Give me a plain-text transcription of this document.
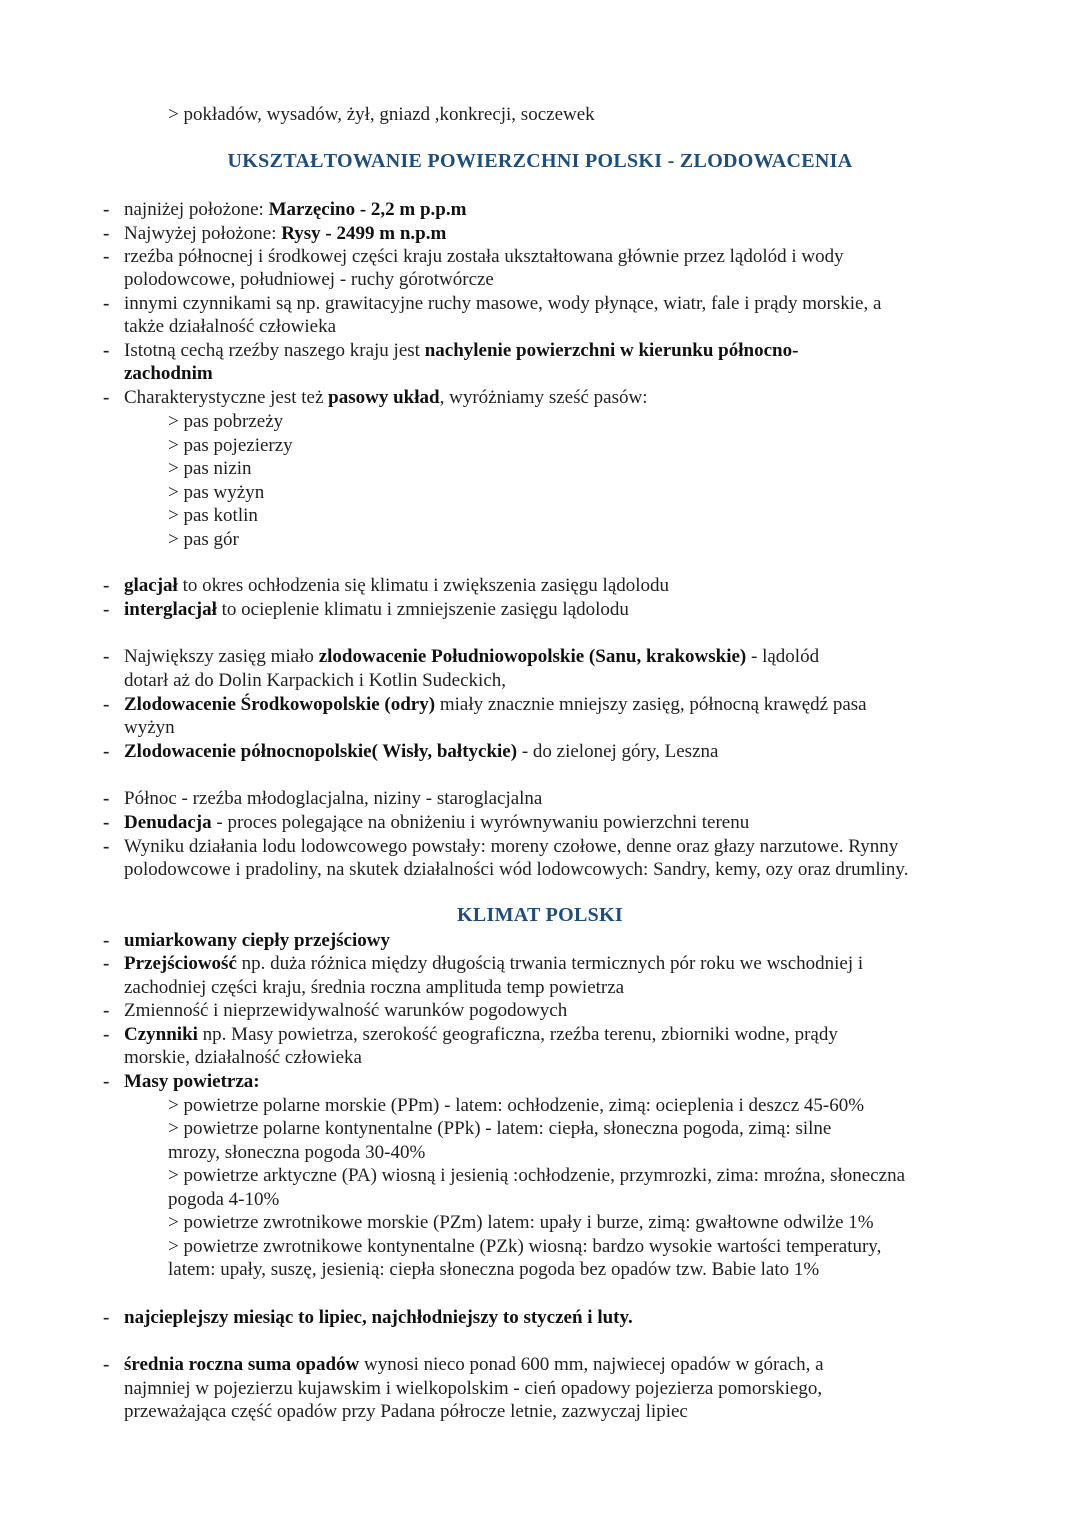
> pokładów, wysadów, żył, gniazd ,konkrecji, soczewek
UKSZTAŁTOWANIE POWIERZCHNI POLSKI - ZLODOWACENIA
- najniżej położone: Marzęcino - 2,2 m p.p.m
- Najwyżej położone: Rysy - 2499 m n.p.m
- rzeźba północnej i środkowej części kraju została ukształtowana głównie przez lądolód i wody
polodowcowe, południowej - ruchy górotwórcze
- innymi czynnikami są np. grawitacyjne ruchy masowe, wody płynące, wiatr, fale i prądy morskie, a
także działalność człowieka
- Istotną cechą rzeźby naszego kraju jest nachylenie powierzchni w kierunku północno-
zachodnim
- Charakterystyczne jest też pasowy układ, wyróżniamy sześć pasów:
> pas pobrzeży
> pas pojezierzy
> pas nizin
> pas wyżyn
> pas kotlin
> pas gór
- glacjał to okres ochłodzenia się klimatu i zwiększenia zasięgu lądolodu
- interglacjał to ocieplenie klimatu i zmniejszenie zasięgu lądolodu
- Największy zasięg miało zlodowacenie Południowopolskie (Sanu, krakowskie) - lądolód
dotarł aż do Dolin Karpackich i Kotlin Sudeckich,
- Zlodowacenie Środkowopolskie (odry) miały znacznie mniejszy zasięg, północną krawędź pasa
wyżyn
- Zlodowacenie północnopolskie( Wisły, bałtyckie) - do zielonej góry, Leszna
- Północ - rzeźba młodoglacjalna, niziny - staroglacjalna
- Denudacja - proces polegające na obniżeniu i wyrównywaniu powierzchni terenu
- Wyniku działania lodu lodowcowego powstały: moreny czołowe, denne oraz głazy narzutowe. Rynny
polodowcowe i pradoliny, na skutek działalności wód lodowcowych: Sandry, kemy, ozy oraz drumliny.
KLIMAT POLSKI
- umiarkowany ciepły przejściowy
- Przejściowość np. duża różnica między długością trwania termicznych pór roku we wschodniej i
zachodniej części kraju, średnia roczna amplituda temp powietrza
- Zmienność i nieprzewidywalność warunków pogodowych
- Czynniki np. Masy powietrza, szerokość geograficzna, rzeźba terenu, zbiorniki wodne, prądy
morskie, działalność człowieka
- Masy powietrza:
> powietrze polarne morskie (PPm) - latem: ochłodzenie, zimą: ocieplenia i deszcz 45-60%
> powietrze polarne kontynentalne (PPk) - latem: ciepła, słoneczna pogoda, zimą: silne
mrozy, słoneczna pogoda 30-40%
> powietrze arktyczne (PA) wiosną i jesienią :ochłodzenie, przymrozki, zima: mroźna, słoneczna
pogoda 4-10%
> powietrze zwrotnikowe morskie (PZm) latem: upały i burze, zimą: gwałtowne odwilże 1%
> powietrze zwrotnikowe kontynentalne (PZk) wiosną: bardzo wysokie wartości temperatury,
latem: upały, suszę, jesienią: ciepła słoneczna pogoda bez opadów tzw. Babie lato 1%
- najcieplejszy miesiąc to lipiec, najchłodniejszy to styczeń i luty.
- średnia roczna suma opadów wynosi nieco ponad 600 mm, najwiecej opadów w górach, a
najmniej w pojezierzu kujawskim i wielkopolskim - cień opadowy pojezierza pomorskiego,
przeważająca część opadów przy Padana półrocze letnie, zazwyczaj lipiec
